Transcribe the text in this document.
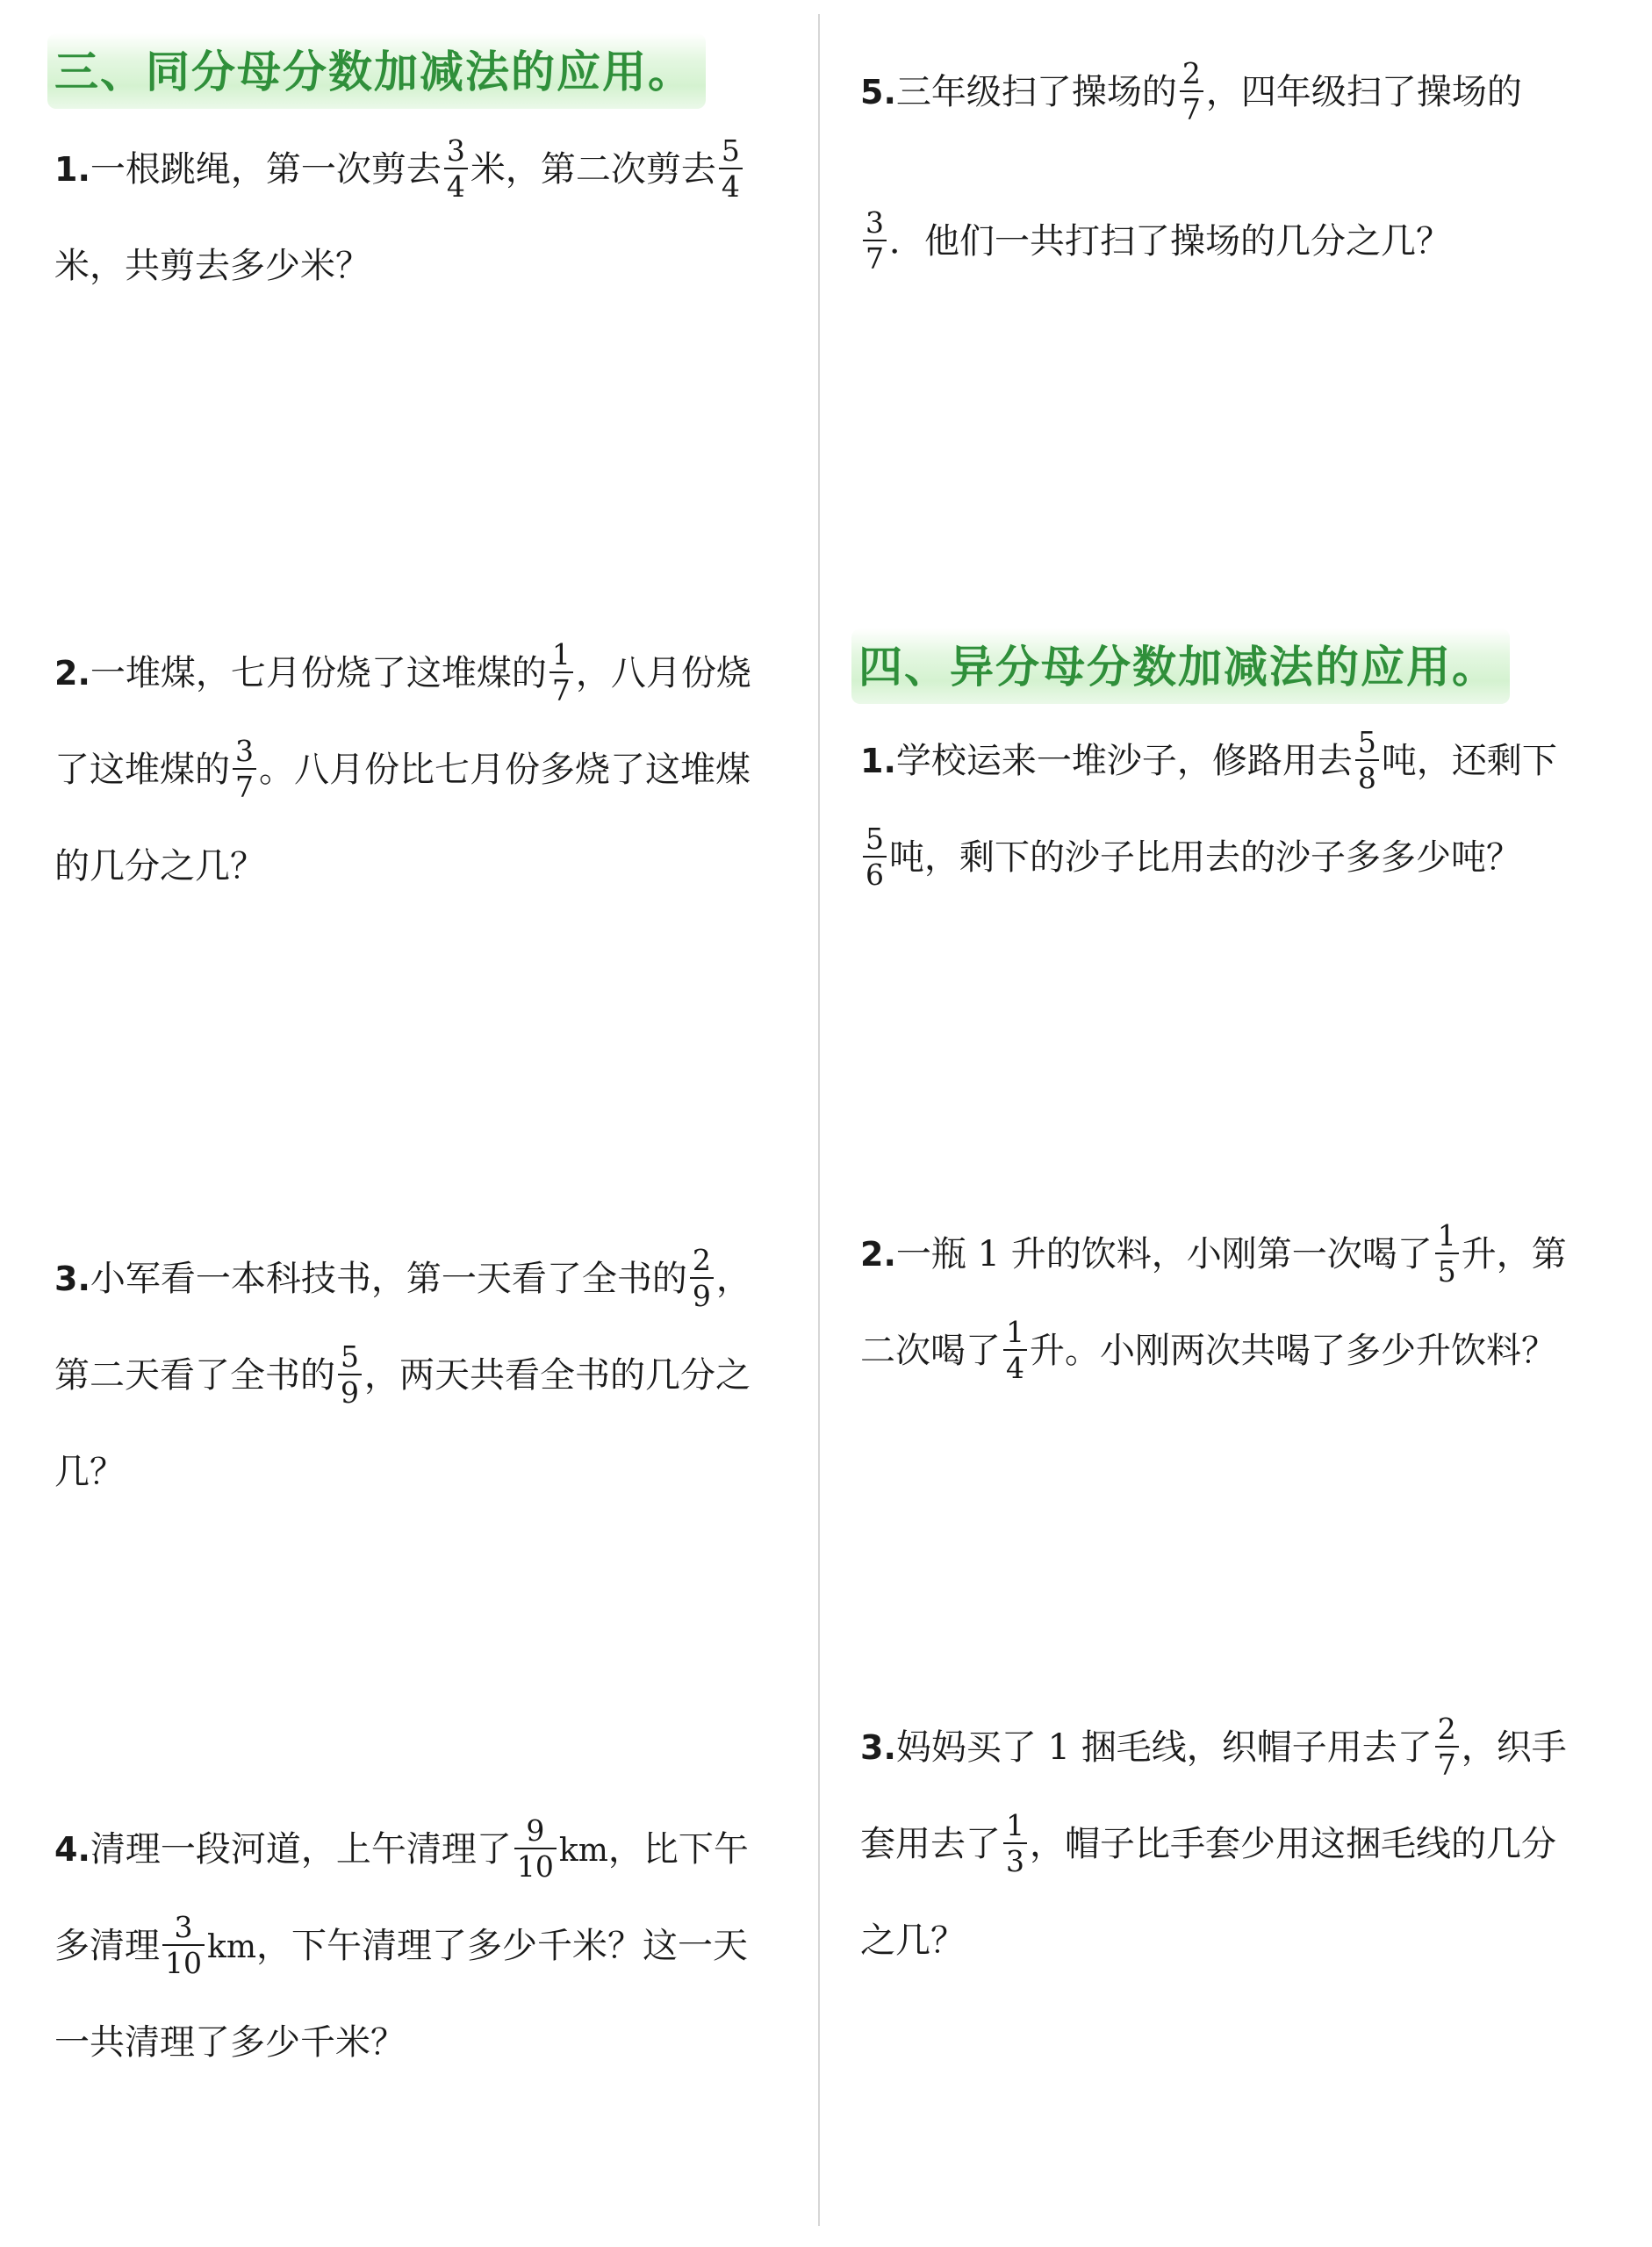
三、同分母分数加减法的应用。
1.一根跳绳，第一次剪去 $\frac{3}{4}$ 米，第二次剪去 $\frac{5}{4}$
米，共剪去多少米？
2.一堆煤，七月份烧了这堆煤的 $\frac{1}{7}$ ，八月份烧
了这堆煤的 $\frac{3}{7}$ 。八月份比七月份多烧了这堆煤
的几分之几？
3.小军看一本科技书，第一天看了全书的 $\frac{2}{9}$ ，
第二天看了全书的 $\frac{5}{9}$ ，两天共看全书的几分之
几？
4.清理一段河道，上午清理了 $\frac{9}{10}$ km，比下午
多清理 $\frac{3}{10}$ km，下午清理了多少千米？这一天
一共清理了多少千米？
5.三年级扫了操场的 $\frac{2}{7}$ ，四年级扫了操场的
$\frac{3}{7}$ ．他们一共打扫了操场的几分之几？
四、异分母分数加减法的应用。
1.学校运来一堆沙子，修路用去 $\frac{5}{8}$ 吨，还剩下
$\frac{5}{6}$ 吨，剩下的沙子比用去的沙子多多少吨？
2.一瓶 1 升的饮料，小刚第一次喝了 $\frac{1}{5}$ 升，第
二次喝了 $\frac{1}{4}$ 升。小刚两次共喝了多少升饮料？
3.妈妈买了 1 捆毛线，织帽子用去了 $\frac{2}{7}$ ，织手
套用去了 $\frac{1}{3}$ ，帽子比手套少用这捆毛线的几分
之几？
